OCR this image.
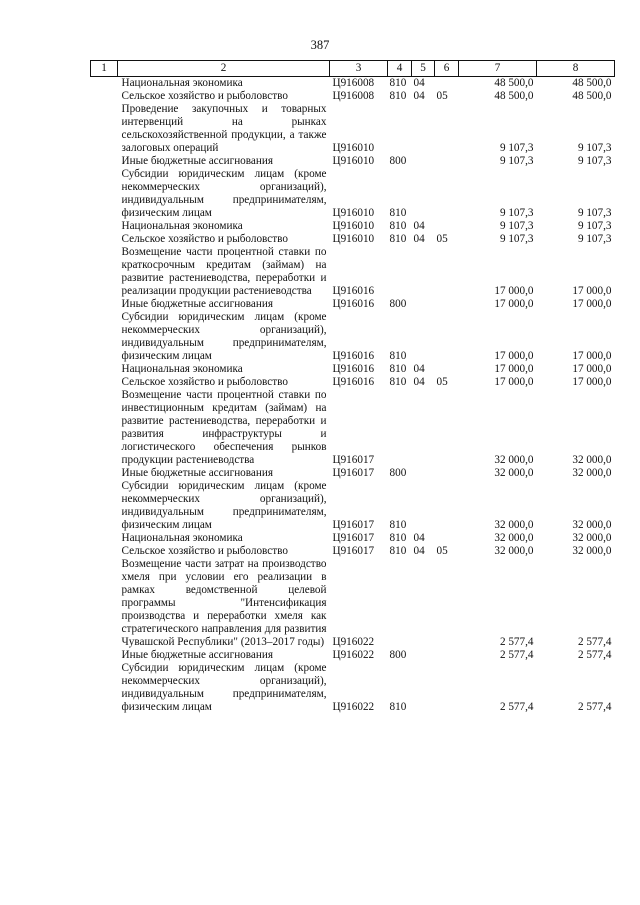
387
1	2	3	4	5	6	7	8
	Национальная экономика	Ц916008	810	04		48 500,0	48 500,0
	Сельское хозяйство и рыболовство	Ц916008	810	04	05	48 500,0	48 500,0
	Проведение закупочных и товарных интервенций на рынках сельскохозяйственной продукции, а также залоговых операций	Ц916010				9 107,3	9 107,3
	Иные бюджетные ассигнования	Ц916010	800			9 107,3	9 107,3
	Субсидии юридическим лицам (кроме некоммерческих организаций), индивидуальным предпринимателям, физическим лицам	Ц916010	810			9 107,3	9 107,3
	Национальная экономика	Ц916010	810	04		9 107,3	9 107,3
	Сельское хозяйство и рыболовство	Ц916010	810	04	05	9 107,3	9 107,3
	Возмещение части процентной ставки по краткосрочным кредитам (займам) на развитие растениеводства, переработки и реализации продукции растениеводства	Ц916016				17 000,0	17 000,0
	Иные бюджетные ассигнования	Ц916016	800			17 000,0	17 000,0
	Субсидии юридическим лицам (кроме некоммерческих организаций), индивидуальным предпринимателям, физическим лицам	Ц916016	810			17 000,0	17 000,0
	Национальная экономика	Ц916016	810	04		17 000,0	17 000,0
	Сельское хозяйство и рыболовство	Ц916016	810	04	05	17 000,0	17 000,0
	Возмещение части процентной ставки по инвестиционным кредитам (займам) на развитие растениеводства, переработки и развития инфраструктуры и логистического обеспечения рынков продукции растениеводства	Ц916017				32 000,0	32 000,0
	Иные бюджетные ассигнования	Ц916017	800			32 000,0	32 000,0
	Субсидии юридическим лицам (кроме некоммерческих организаций), индивидуальным предпринимателям, физическим лицам	Ц916017	810			32 000,0	32 000,0
	Национальная экономика	Ц916017	810	04		32 000,0	32 000,0
	Сельское хозяйство и рыболовство	Ц916017	810	04	05	32 000,0	32 000,0
	Возмещение части затрат на производство хмеля при условии его реализации в рамках ведомственной целевой программы "Интенсификация производства и переработки хмеля как стратегического направления для развития Чувашской Республики" (2013–2017 годы)	Ц916022				2 577,4	2 577,4
	Иные бюджетные ассигнования	Ц916022	800			2 577,4	2 577,4
	Субсидии юридическим лицам (кроме некоммерческих организаций), индивидуальным предпринимателям, физическим лицам	Ц916022	810			2 577,4	2 577,4
